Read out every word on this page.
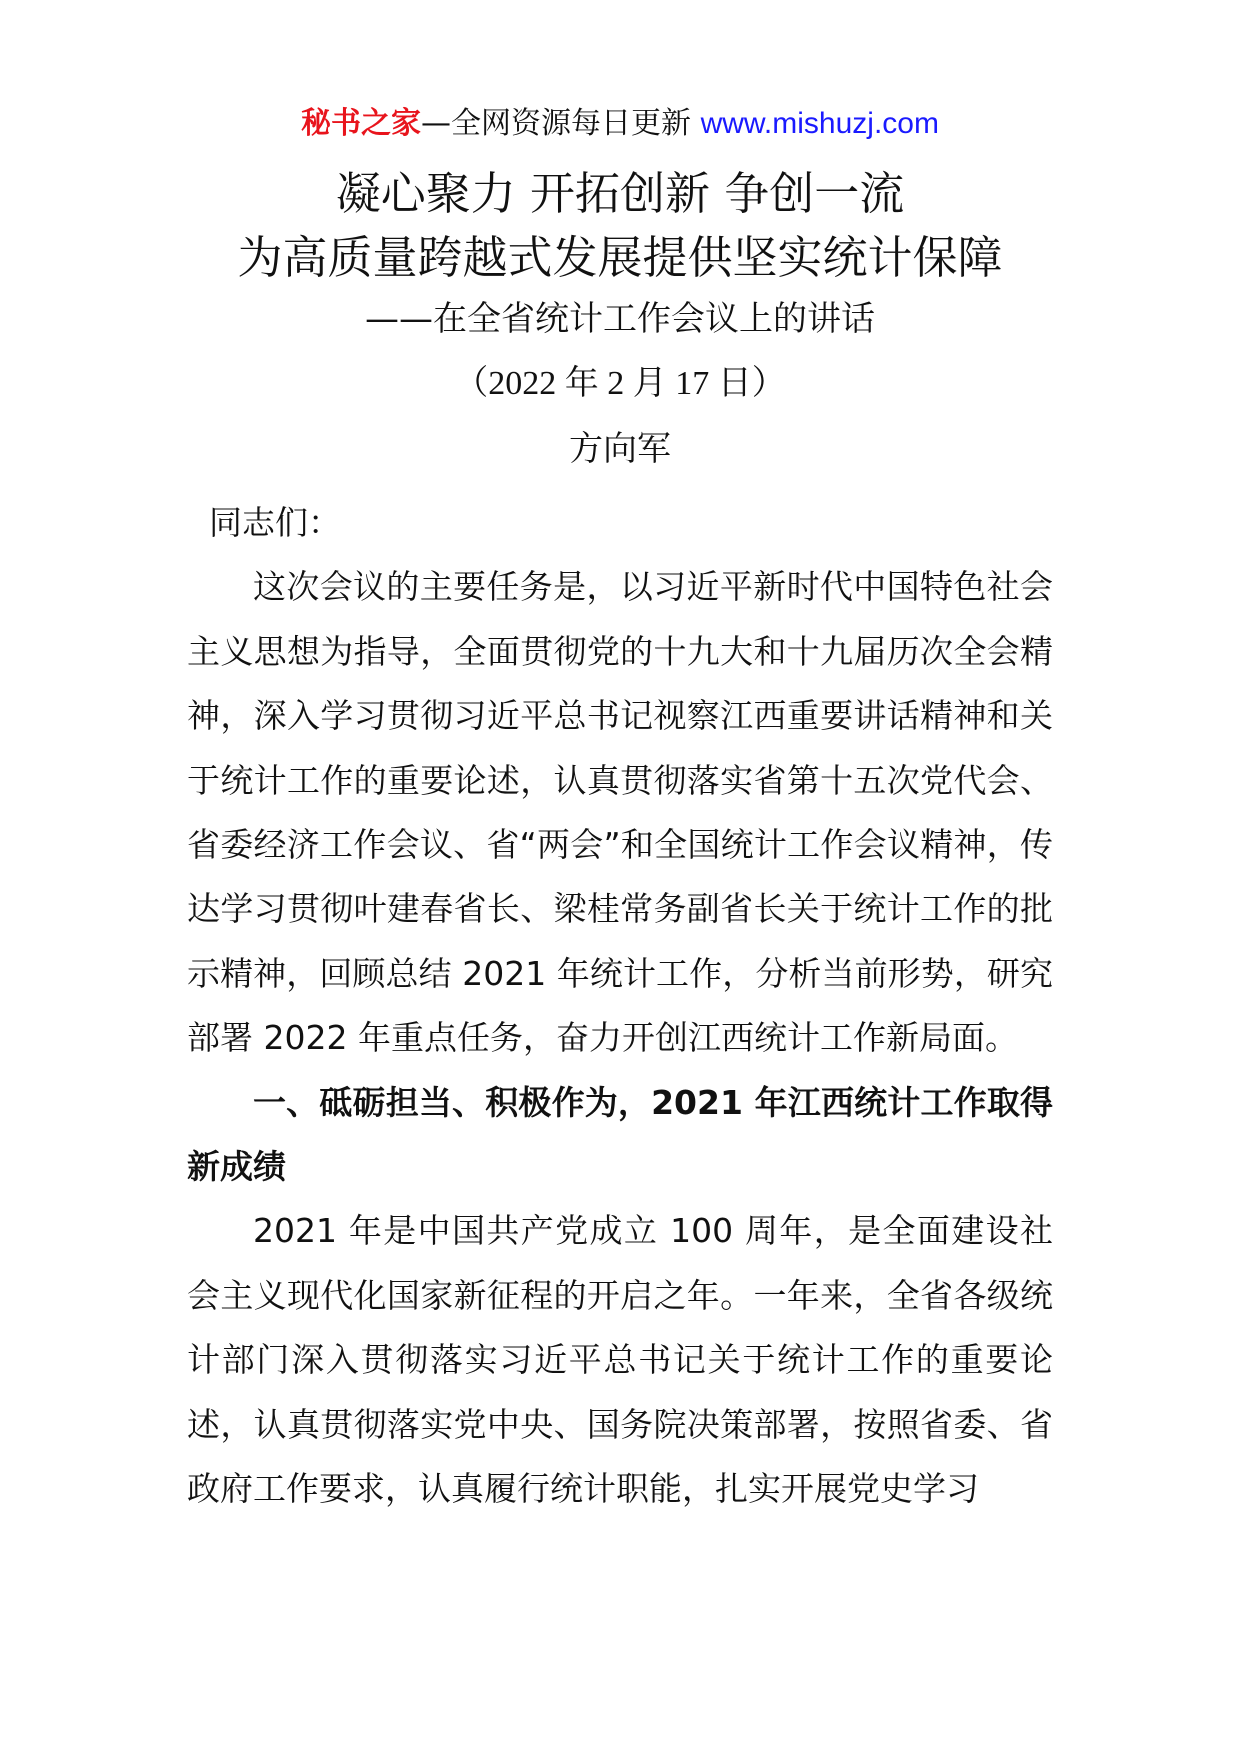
秘书之家—全网资源每日更新 www.mishuzj.com
凝心聚力 开拓创新 争创一流
为高质量跨越式发展提供坚实统计保障
——在全省统计工作会议上的讲话
（2022 年 2 月 17 日）
方向军

同志们：

这次会议的主要任务是，以习近平新时代中国特色社会主义思想为指导，全面贯彻党的十九大和十九届历次全会精神，深入学习贯彻习近平总书记视察江西重要讲话精神和关于统计工作的重要论述，认真贯彻落实省第十五次党代会、省委经济工作会议、省“两会”和全国统计工作会议精神，传达学习贯彻叶建春省长、梁桂常务副省长关于统计工作的批示精神，回顾总结 2021 年统计工作，分析当前形势，研究部署 2022 年重点任务，奋力开创江西统计工作新局面。

一、砥砺担当、积极作为，2021 年江西统计工作取得新成绩

2021 年是中国共产党成立 100 周年，是全面建设社会主义现代化国家新征程的开启之年。一年来，全省各级统计部门深入贯彻落实习近平总书记关于统计工作的重要论述，认真贯彻落实党中央、国务院决策部署，按照省委、省政府工作要求，认真履行统计职能，扎实开展党史学习
